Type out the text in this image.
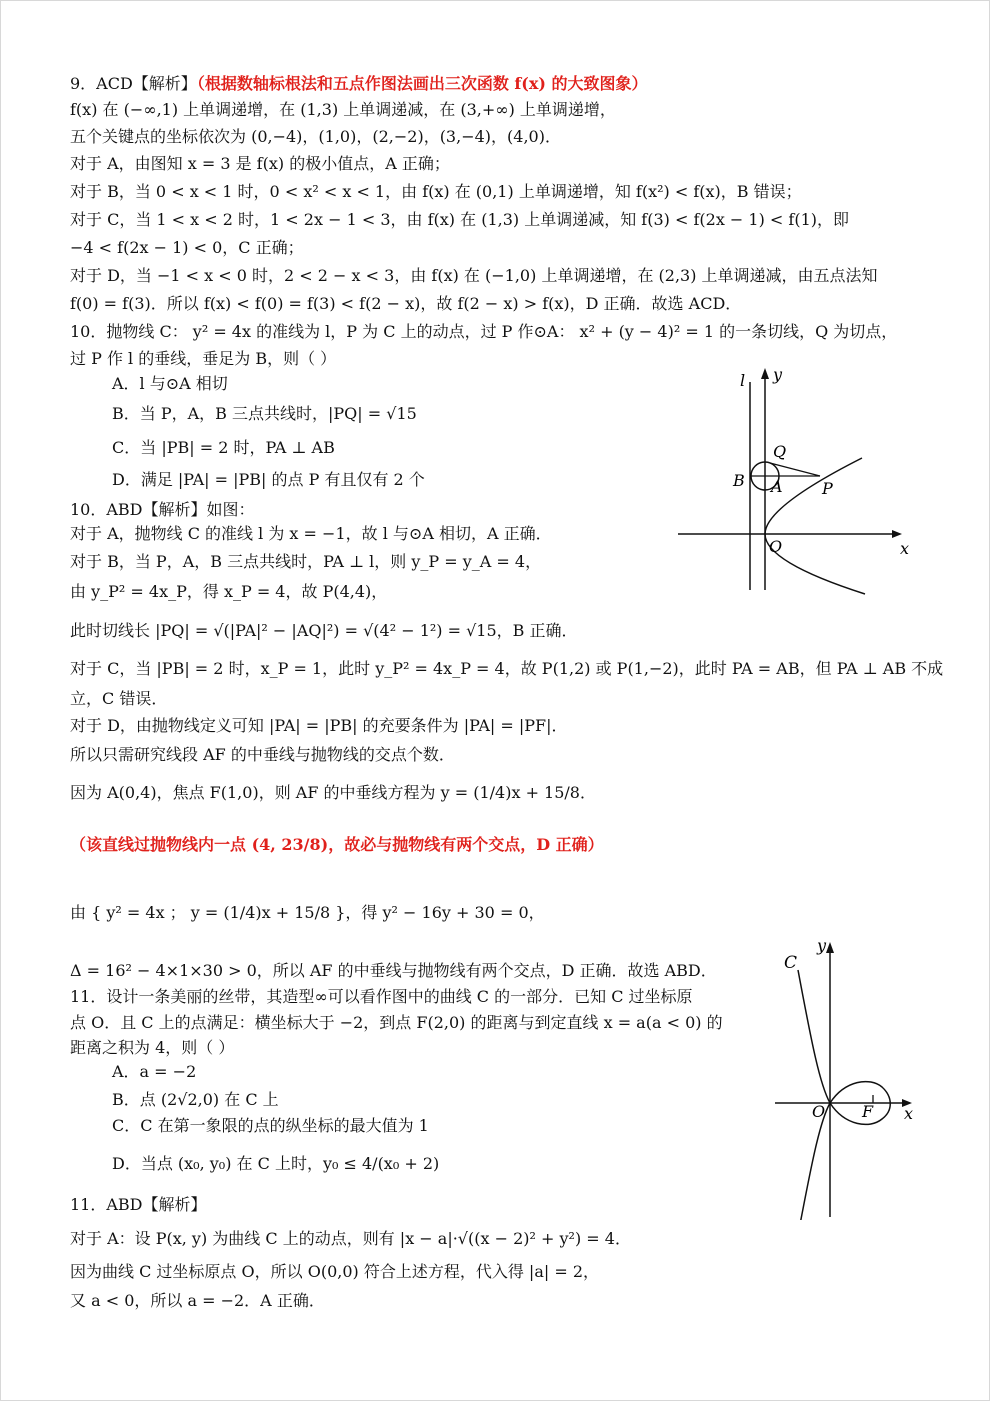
9．ACD【解析】（根据数轴标根法和五点作图法画出三次函数 f(x) 的大致图象）
f(x) 在 (−∞,1) 上单调递增，在 (1,3) 上单调递减，在 (3,+∞) 上单调递增，
五个关键点的坐标依次为 (0,−4)，(1,0)，(2,−2)，(3,−4)，(4,0)．
对于 A，由图知 x = 3 是 f(x) 的极小值点，A 正确；
对于 B，当 0 < x < 1 时，0 < x² < x < 1，由 f(x) 在 (0,1) 上单调递增，知 f(x²) < f(x)，B 错误；
对于 C，当 1 < x < 2 时，1 < 2x − 1 < 3，由 f(x) 在 (1,3) 上单调递减，知 f(3) < f(2x − 1) < f(1)，即
−4 < f(2x − 1) < 0，C 正确；
对于 D，当 −1 < x < 0 时，2 < 2 − x < 3，由 f(x) 在 (−1,0) 上单调递增，在 (2,3) 上单调递减，由五点法知
f(0) = f(3)．所以 f(x) < f(0) = f(3) < f(2 − x)，故 f(2 − x) > f(x)，D 正确．故选 ACD．
10．抛物线 C： y² = 4x 的准线为 l，P 为 C 上的动点，过 P 作⊙A： x² + (y − 4)² = 1 的一条切线，Q 为切点，
过 P 作 l 的垂线，垂足为 B，则（ ）
A．l 与⊙A 相切
B．当 P，A，B 三点共线时，|PQ| = √15
C．当 |PB| = 2 时，PA ⊥ AB
D．满足 |PA| = |PB| 的点 P 有且仅有 2 个
10．ABD【解析】如图：
对于 A，抛物线 C 的准线 l 为 x = −1，故 l 与⊙A 相切，A 正确．
对于 B，当 P，A，B 三点共线时，PA ⊥ l，则 y_P = y_A = 4，
由 y_P² = 4x_P，得 x_P = 4，故 P(4,4)，
此时切线长 |PQ| = √(|PA|² − |AQ|²) = √(4² − 1²) = √15，B 正确．
对于 C，当 |PB| = 2 时，x_P = 1，此时 y_P² = 4x_P = 4，故 P(1,2) 或 P(1,−2)，此时 PA = AB，但 PA ⊥ AB 不成
立，C 错误．
对于 D，由抛物线定义可知 |PA| = |PB| 的充要条件为 |PA| = |PF|．
所以只需研究线段 AF 的中垂线与抛物线的交点个数．
因为 A(0,4)，焦点 F(1,0)，则 AF 的中垂线方程为 y = (1/4)x + 15/8．
（该直线过抛物线内一点 (4, 23/8)，故必与抛物线有两个交点，D 正确）
由 { y² = 4x ； y = (1/4)x + 15/8 }，得 y² − 16y + 30 = 0，
Δ = 16² − 4×1×30 > 0，所以 AF 的中垂线与抛物线有两个交点，D 正确．故选 ABD．
11．设计一条美丽的丝带，其造型∞可以看作图中的曲线 C 的一部分．已知 C 过坐标原
点 O．且 C 上的点满足：横坐标大于 −2，到点 F(2,0) 的距离与到定直线 x = a(a < 0) 的
距离之积为 4，则（ ）
A．a = −2
B．点 (2√2,0) 在 C 上
C．C 在第一象限的点的纵坐标的最大值为 1
D．当点 (x₀, y₀) 在 C 上时，y₀ ≤ 4/(x₀ + 2)
11．ABD【解析】
对于 A：设 P(x, y) 为曲线 C 上的动点，则有 |x − a|·√((x − 2)² + y²) = 4．
因为曲线 C 过坐标原点 O，所以 O(0,0) 符合上述方程，代入得 |a| = 2，
又 a < 0，所以 a = −2．A 正确．
l y
Q
B A P
O	x
C
y
O F x
